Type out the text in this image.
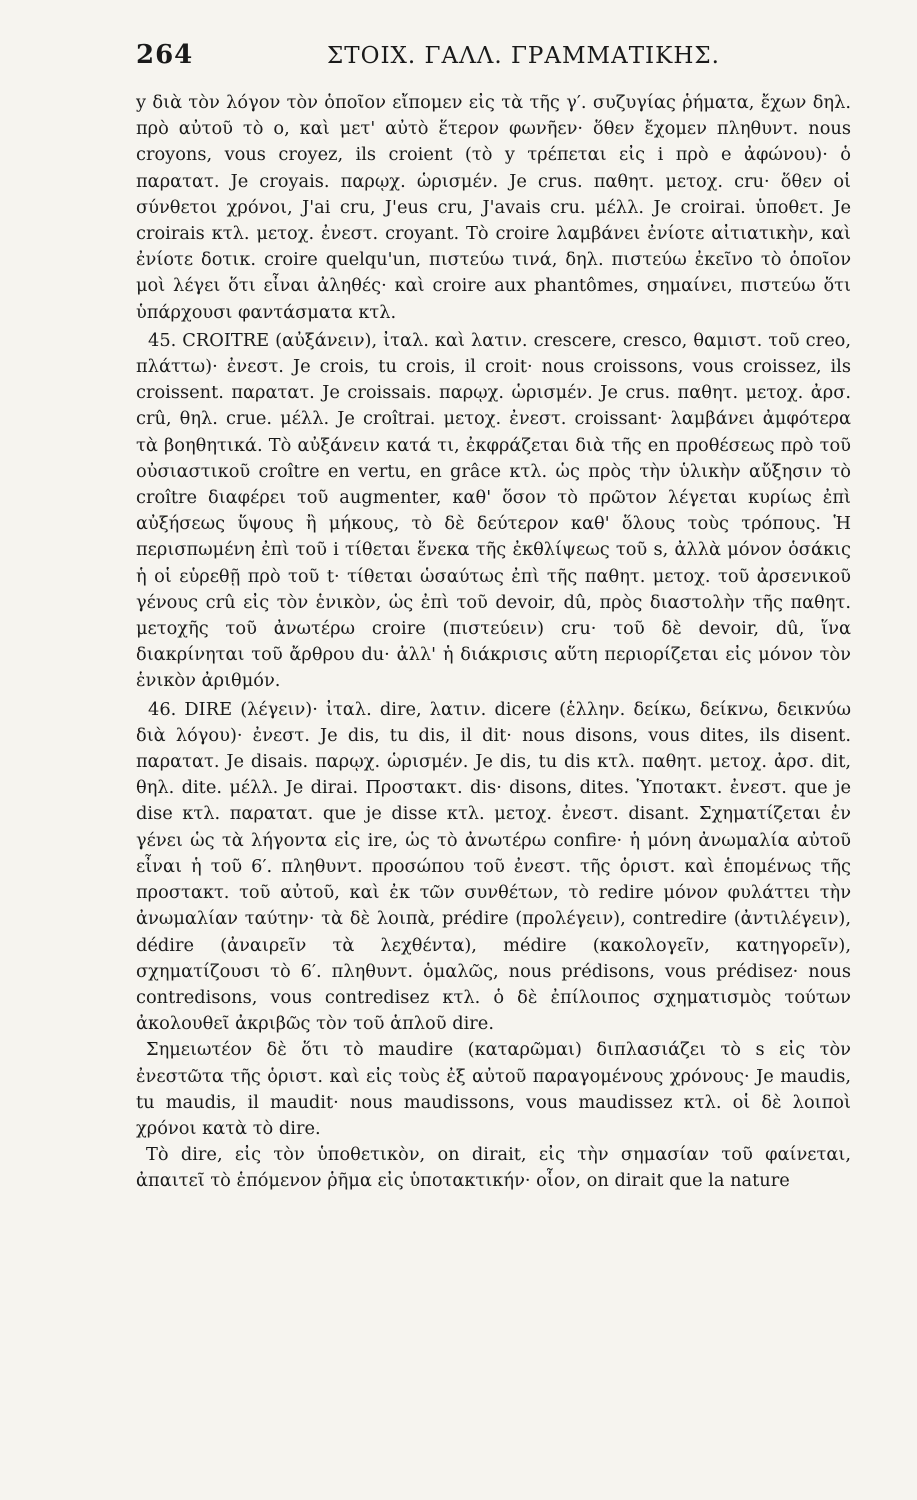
264	ΣΤΟΙΧ. ΓΑΛΛ. ΓΡΑΜΜΑΤΙΚΗΣ.

y διὰ τὸν λόγον τὸν ὁποῖον εἴπομεν εἰς τὰ τῆς γ′. συζυγίας ῥήματα, ἔχων δηλ. πρὸ αὐτοῦ τὸ o, καὶ μετ' αὐτὸ ἕτερον φωνῆεν· ὅθεν ἔχομεν πληθυντ. nous croyons, vous croyez, ils croient (τὸ y τρέπεται εἰς i πρὸ e ἀφώνου)· ὁ παρατατ. Je croyais. παρῳχ. ὡρισμέν. Je crus. παθητ. μετοχ. cru· ὅθεν οἱ σύνθετοι χρόνοι, J'ai cru, J'eus cru, J'avais cru. μέλλ. Je croirai. ὑποθετ. Je croirais κτλ. μετοχ. ἐνεστ. croyant. Τὸ croire λαμβάνει ἐνίοτε αἰτιατικὴν, καὶ ἐνίοτε δοτικ. croire quelqu'un, πιστεύω τινά, δηλ. πιστεύω ἐκεῖνο τὸ ὁποῖον μοὶ λέγει ὅτι εἶναι ἀληθές· καὶ croire aux phantômes, σημαίνει, πιστεύω ὅτι ὑπάρχουσι φαντάσματα κτλ.

45. CROITRE (αὐξάνειν), ἰταλ. καὶ λατιν. crescere, cresco, θαμιστ. τοῦ creo, πλάττω)· ἐνεστ. Je crois, tu crois, il croit· nous croissons, vous croissez, ils croissent. παρατατ. Je croissais. παρῳχ. ὡρισμέν. Je crus. παθητ. μετοχ. ἀρσ. crû, θηλ. crue. μέλλ. Je croîtrai. μετοχ. ἐνεστ. croissant· λαμβάνει ἀμφότερα τὰ βοηθητικά. Τὸ αὐξάνειν κατά τι, ἐκφράζεται διὰ τῆς en προθέσεως πρὸ τοῦ οὐσιαστικοῦ croître en vertu, en grâce κτλ. ὡς πρὸς τὴν ὑλικὴν αὔξησιν τὸ croître διαφέρει τοῦ augmenter, καθ' ὅσον τὸ πρῶτον λέγεται κυρίως ἐπὶ αὐξήσεως ὕψους ἢ μήκους, τὸ δὲ δεύτερον καθ' ὅλους τοὺς τρόπους. Ἡ περισπωμένη ἐπὶ τοῦ i τίθεται ἕνεκα τῆς ἐκθλίψεως τοῦ s, ἀλλὰ μόνον ὁσάκις ἡ οἱ εὑρεθῇ πρὸ τοῦ t· τίθεται ὡσαύτως ἐπὶ τῆς παθητ. μετοχ. τοῦ ἀρσενικοῦ γένους crû εἰς τὸν ἑνικὸν, ὡς ἐπὶ τοῦ devoir, dû, πρὸς διαστολὴν τῆς παθητ. μετοχῆς τοῦ ἀνωτέρω croire (πιστεύειν) cru· τοῦ δὲ devoir, dû, ἵνα διακρίνηται τοῦ ἄρθρου du· ἀλλ' ἡ διάκρισις αὕτη περιορίζεται εἰς μόνον τὸν ἑνικὸν ἀριθμόν.

46. DIRE (λέγειν)· ἰταλ. dire, λατιν. dicere (ἑλλην. δείκω, δείκνω, δεικνύω διὰ λόγου)· ἐνεστ. Je dis, tu dis, il dit· nous disons, vous dites, ils disent. παρατατ. Je disais. παρῳχ. ὡρισμέν. Je dis, tu dis κτλ. παθητ. μετοχ. ἀρσ. dit, θηλ. dite. μέλλ. Je dirai. Προστακτ. dis· disons, dites. Ὑποτακτ. ἐνεστ. que je dise κτλ. παρατατ. que je disse κτλ. μετοχ. ἐνεστ. disant. Σχηματίζεται ἐν γένει ὡς τὰ λήγοντα εἰς ire, ὡς τὸ ἀνωτέρω confire· ἡ μόνη ἀνωμαλία αὐτοῦ εἶναι ἡ τοῦ 6′. πληθυντ. προσώπου τοῦ ἐνεστ. τῆς ὁριστ. καὶ ἑπομένως τῆς προστακτ. τοῦ αὐτοῦ, καὶ ἐκ τῶν συνθέτων, τὸ redire μόνον φυλάττει τὴν ἀνωμαλίαν ταύτην· τὰ δὲ λοιπὰ, prédire (προλέγειν), contredire (ἀντιλέγειν), dédire (ἀναιρεῖν τὰ λεχθέντα), médire (κακολογεῖν, κατηγορεῖν), σχηματίζουσι τὸ 6′. πληθυντ. ὁμαλῶς, nous prédisons, vous prédisez· nous contredisons, vous contredisez κτλ. ὁ δὲ ἐπίλοιπος σχηματισμὸς τούτων ἀκολουθεῖ ἀκριβῶς τὸν τοῦ ἁπλοῦ dire.

Σημειωτέον δὲ ὅτι τὸ maudire (καταρῶμαι) διπλασιάζει τὸ s εἰς τὸν ἐνεστῶτα τῆς ὁριστ. καὶ εἰς τοὺς ἐξ αὐτοῦ παραγομένους χρόνους· Je maudis, tu maudis, il maudit· nous maudissons, vous maudissez κτλ. οἱ δὲ λοιποὶ χρόνοι κατὰ τὸ dire.

Τὸ dire, εἰς τὸν ὑποθετικὸν, on dirait, εἰς τὴν σημασίαν τοῦ φαίνεται, ἀπαιτεῖ τὸ ἑπόμενον ῥῆμα εἰς ὑποτακτικήν· οἷον, on dirait que la nature
